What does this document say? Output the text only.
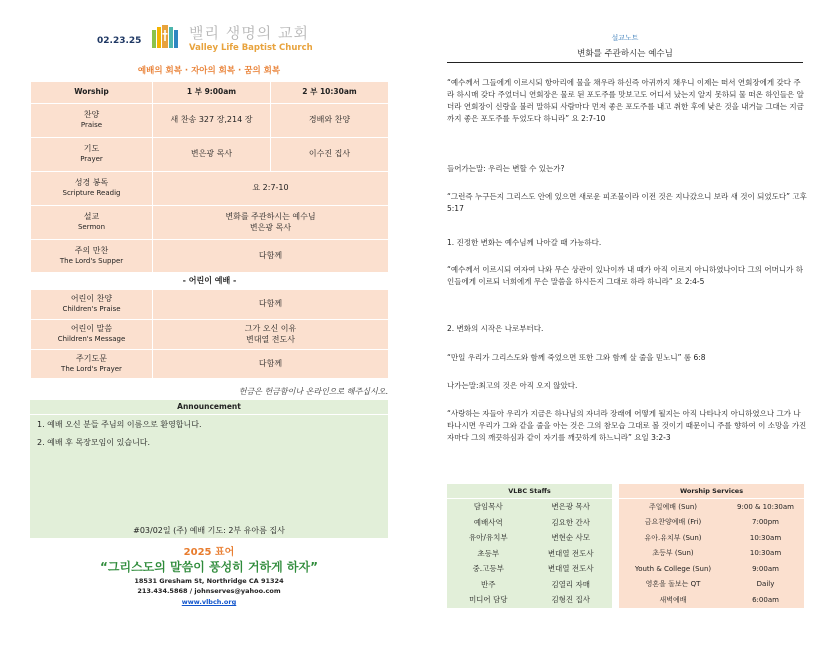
02.23.25	밸리 생명의 교회
Valley Life Baptist Church
예배의 회복 · 자아의 회복 · 꿈의 회복
Worship	1 부 9:00am	2 부 10:30am
찬양
Praise	새 찬송 327 장,214 장	경배와 찬양
기도
Prayer	변은광 목사	이수진 집사
성경 봉독
Scripture Readig	요 2:7-10	
설교
Sermon	변화를 주관하시는 예수님
변은광 목사	
주의 만찬
The Lord's Supper	다함께	
- 어린이 예배 -		
어린이 찬양
Children's Praise	다함께	
어린이 말씀
Children's Message	그가 오신 이유
변대열 전도사	
주기도문
The Lord's Prayer	다함께	
헌금은 헌금함이나 온라인으로 해주십시오.
Announcement
1. 예배 오신 분들 주님의 이름으로 환영합니다.
2. 예배 후 목장모임이 있습니다.
#03/02일 (주) 예배 기도: 2부 유아름 집사
2025 표어
“그리스도의 말씀이 풍성히 거하게 하자”
18531 Gresham St, Northridge CA 91324
213.434.5868 / johnserves@yahoo.com
www.vlbch.org
설교노트
변화를 주관하시는 예수님
“예수께서 그들에게 이르시되 항아리에 물을 채우라 하신즉 아귀까지 채우니 이제는 떠서 연회장에게 갖다 주라 하시매 갖다 주었더니 연회장은 물로 된 포도주를 맛보고도 어디서 났는지 알지 못하되 물 떠온 하인들은 알더라 연회장이 신랑을 불러 말하되 사람마다 먼저 좋은 포도주를 내고 취한 후에 낮은 것을 내거늘 그대는 지금까지 좋은 포도주를 두었도다 하니라” 요 2:7-10
들어가는말: 우리는 변할 수 있는가?
“그런즉 누구든지 그리스도 안에 있으면 새로운 피조물이라 이전 것은 지나갔으니 보라 새 것이 되었도다” 고후 5:17
1. 진정한 변화는 예수님께 나아갈 때 가능하다.
“예수께서 이르시되 여자여 나와 무슨 상관이 있나이까 내 때가 아직 이르지 아니하였나이다 그의 어머니가 하인들에게 이르되 너희에게 무슨 말씀을 하시든지 그대로 하라 하니라” 요 2:4-5
2. 변화의 시작은 나로부터다.
“만일 우리가 그리스도와 함께 죽었으면 또한 그와 함께 살 줄을 믿노니” 롬 6:8
나가는말:최고의 것은 아직 오지 않았다.
“사랑하는 자들아 우리가 지금은 하나님의 자녀라 장래에 어떻게 될지는 아직 나타나지 아니하였으나 그가 나타나시면 우리가 그와 같을 줄을 아는 것은 그의 참모습 그대로 볼 것이기 때문이니 주를 향하여 이 소망을 가진 자마다 그의 깨끗하심과 같이 자기를 깨끗하게 하느니라” 요일 3:2-3
VLBC Staffs	
담임목사	변은광 목사
예배사역	김요한 간사
유아/유치부	변현순 사모
초등부	변대열 전도사
중.고등부	변대열 전도사
반주	김열리 자매
미디어 담당	김형진 집사
Worship Services	
주일예배 (Sun)	9:00 & 10:30am
금요찬양예배 (Fri)	7:00pm
유아.유치부 (Sun)	10:30am
초등부 (Sun)	10:30am
Youth & College (Sun)	9:00am
영혼을 돌보는 QT	Daily
새벽예배	6:00am
